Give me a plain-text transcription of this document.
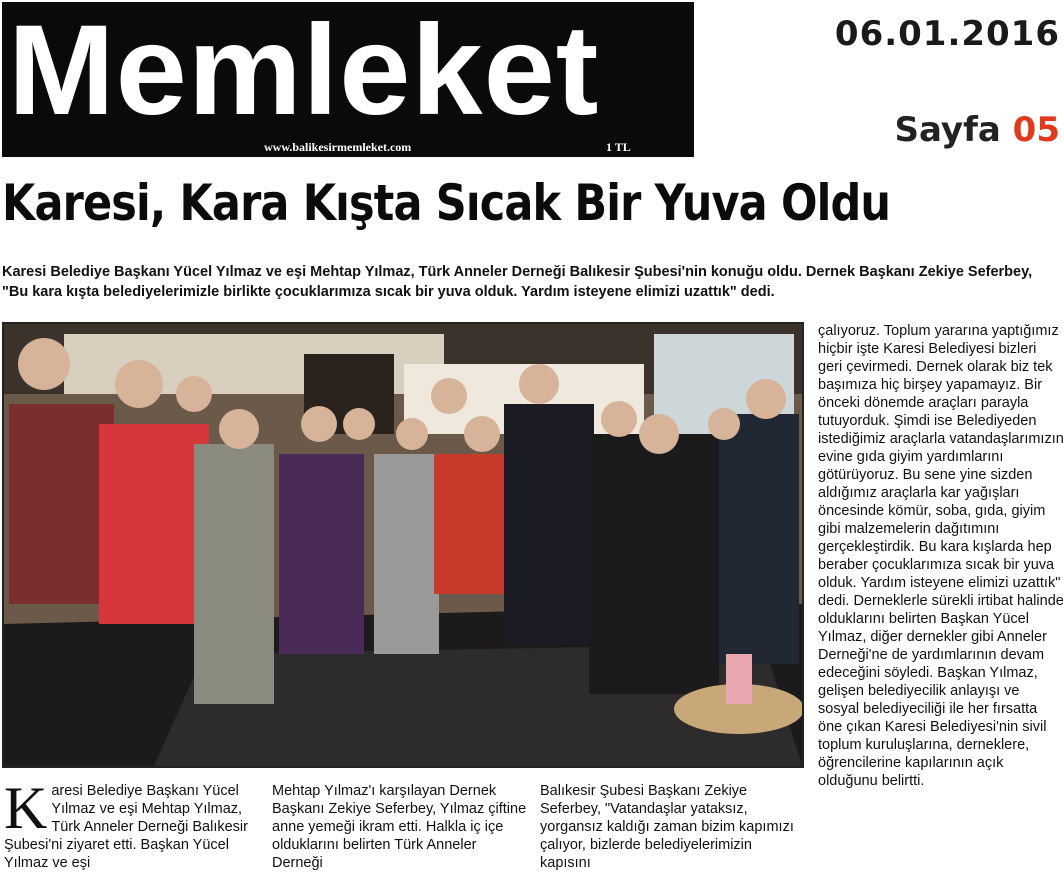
Memleket
www.balikesirmemleket.com	1 TL
06.01.2016
Sayfa 05
Karesi, Kara Kışta Sıcak Bir Yuva Oldu
Karesi Belediye Başkanı Yücel Yılmaz ve eşi Mehtap Yılmaz, Türk Anneler Derneği Balıkesir Şubesi'nin konuğu oldu. Dernek Başkanı Zekiye Seferbey, "Bu kara kışta belediyelerimizle birlikte çocuklarımıza sıcak bir yuva olduk. Yardım isteyene elimizi uzattık" dedi.
çalıyoruz. Toplum yararına yaptığımız hiçbir işte Karesi Belediyesi bizleri geri çevirmedi. Dernek olarak biz tek başımıza hiç birşey yapamayız. Bir önceki dönemde araçları parayla tutuyorduk. Şimdi ise Belediyeden istediğimiz araçlarla vatandaşlarımızın evine gıda giyim yardımlarını götürüyoruz. Bu sene yine sizden aldığımız araçlarla kar yağışları öncesinde kömür, soba, gıda, giyim gibi malzemelerin dağıtımını gerçekleştirdik. Bu kara kışlarda hep beraber çocuklarımıza sıcak bir yuva olduk. Yardım isteyene elimizi uzattık" dedi. Derneklerle sürekli irtibat halinde olduklarını belirten Başkan Yücel Yılmaz, diğer dernekler gibi Anneler Derneği'ne de yardımlarının devam edeceğini söyledi. Başkan Yılmaz, gelişen belediyecilik anlayışı ve sosyal belediyeciliği ile her fırsatta öne çıkan Karesi Belediyesi'nin sivil toplum kuruluşlarına, derneklere, öğrencilerine kapılarının açık olduğunu belirtti.
Karesi Belediye Başkanı Yücel Yılmaz ve eşi Mehtap Yılmaz, Türk Anneler Derneği Balıkesir Şubesi'ni ziyaret etti. Başkan Yücel Yılmaz ve eşi
Mehtap Yılmaz'ı karşılayan Dernek Başkanı Zekiye Seferbey, Yılmaz çiftine anne yemeği ikram etti. Halkla iç içe olduklarını belirten Türk Anneler Derneği
Balıkesir Şubesi Başkanı Zekiye Seferbey, "Vatandaşlar yataksız, yorgansız kaldığı zaman bizim kapımızı çalıyor, bizlerde belediyelerimizin kapısını
